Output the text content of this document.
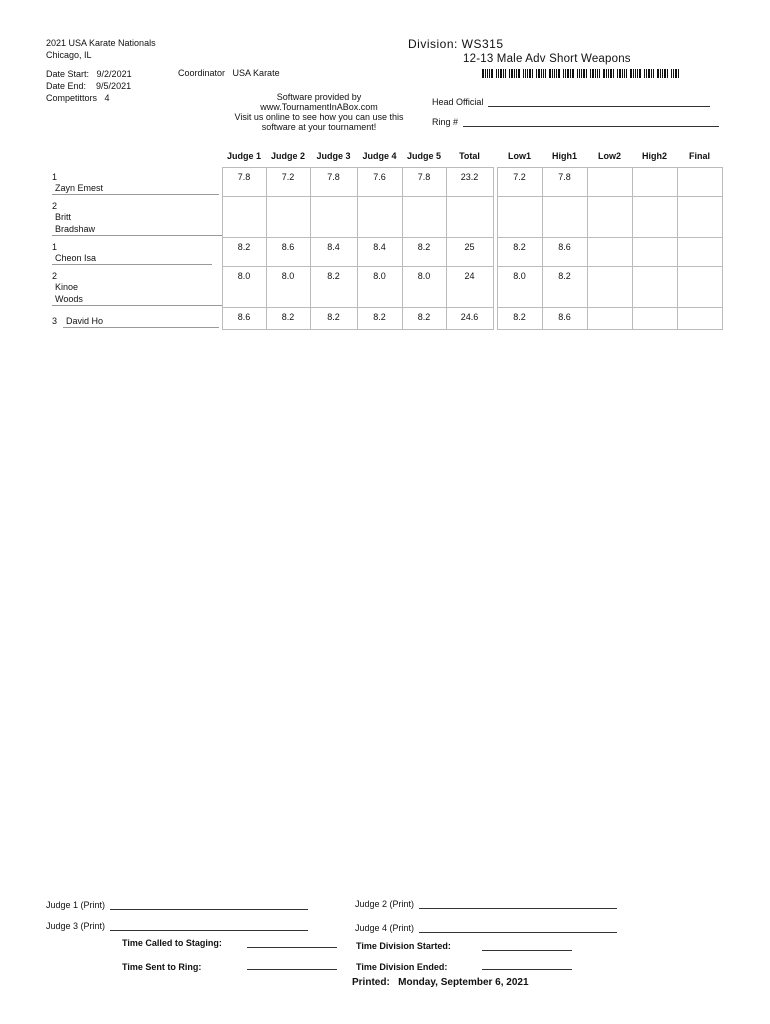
2021 USA Karate Nationals
Chicago, IL
Date Start: 9/2/2021
Date End: 9/5/2021
Competittors 4
Coordinator USA Karate
Division: WS315
12-13 Male Adv Short Weapons
Software provided by
www.TournamentInABox.com
Visit us online to see how you can use this
software at your tournament!
Head Official
Ring #
	Judge 1	Judge 2	Judge 3	Judge 4	Judge 5	Total		Low1	High1	Low2	High2	Final
1Zayn Emest	7.8	7.2	7.8	7.6	7.8	23.2		7.2	7.8			
2Britt Bradshaw												
1Cheon Isa	8.2	8.6	8.4	8.4	8.2	25		8.2	8.6			
2Kinoe Woods	8.0	8.0	8.2	8.0	8.0	24		8.0	8.2			
3 David Ho	8.6	8.2	8.2	8.2	8.2	24.6		8.2	8.6			
Judge 1 (Print)	Judge 2 (Print)
Judge 3 (Print)	Judge 4 (Print)
Time Called to Staging:	Time Division Started:
Time Sent to Ring:	Time Division Ended:
Printed: Monday, September 6, 2021
